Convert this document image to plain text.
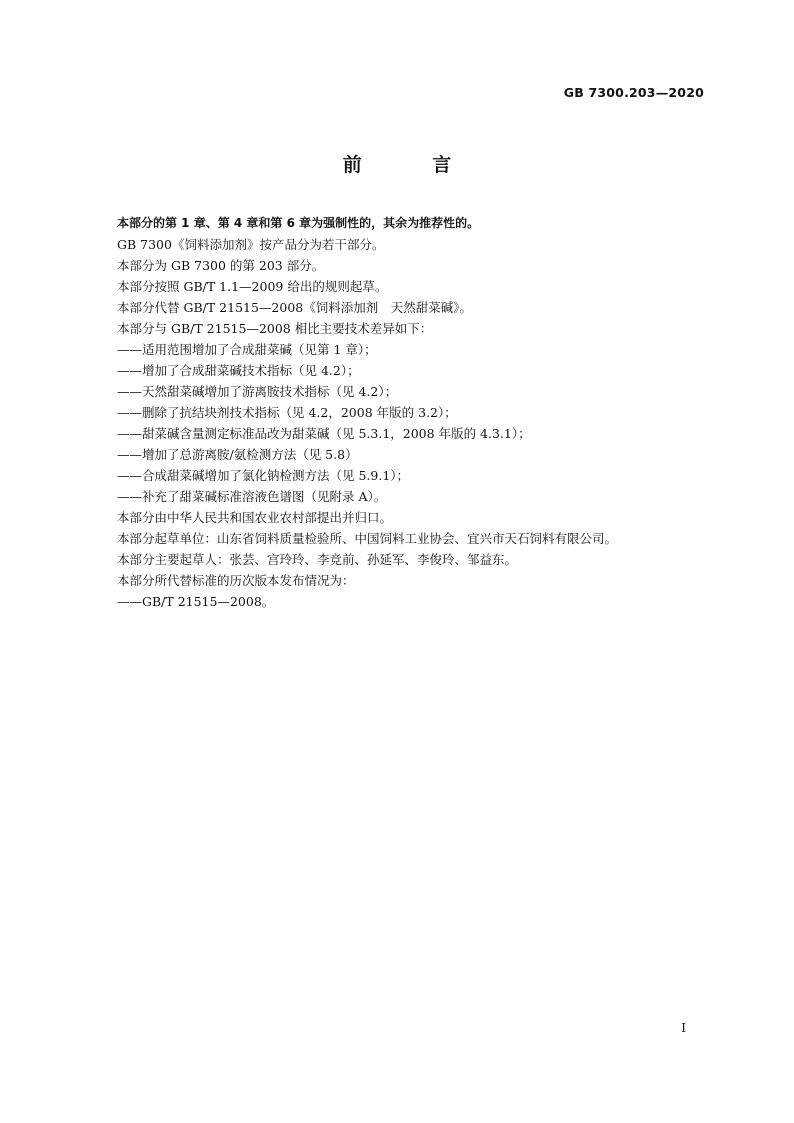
GB 7300.203—2020
前 言
本部分的第 1 章、第 4 章和第 6 章为强制性的，其余为推荐性的。
GB 7300《饲料添加剂》按产品分为若干部分。
本部分为 GB 7300 的第 203 部分。
本部分按照 GB/T 1.1—2009 给出的规则起草。
本部分代替 GB/T 21515—2008《饲料添加剂　天然甜菜碱》。
本部分与 GB/T 21515—2008 相比主要技术差异如下：
——适用范围增加了合成甜菜碱（见第 1 章）；
——增加了合成甜菜碱技术指标（见 4.2）；
——天然甜菜碱增加了游离胺技术指标（见 4.2）；
——删除了抗结块剂技术指标（见 4.2，2008 年版的 3.2）；
——甜菜碱含量测定标准品改为甜菜碱（见 5.3.1，2008 年版的 4.3.1）；
——增加了总游离胺/氨检测方法（见 5.8）
——合成甜菜碱增加了氯化钠检测方法（见 5.9.1）；
——补充了甜菜碱标准溶液色谱图（见附录 A）。
本部分由中华人民共和国农业农村部提出并归口。
本部分起草单位：山东省饲料质量检验所、中国饲料工业协会、宜兴市天石饲料有限公司。
本部分主要起草人：张芸、宫玲玲、李竞前、孙延军、李俊玲、邹益东。
本部分所代替标准的历次版本发布情况为：
——GB/T 21515—2008。
I
